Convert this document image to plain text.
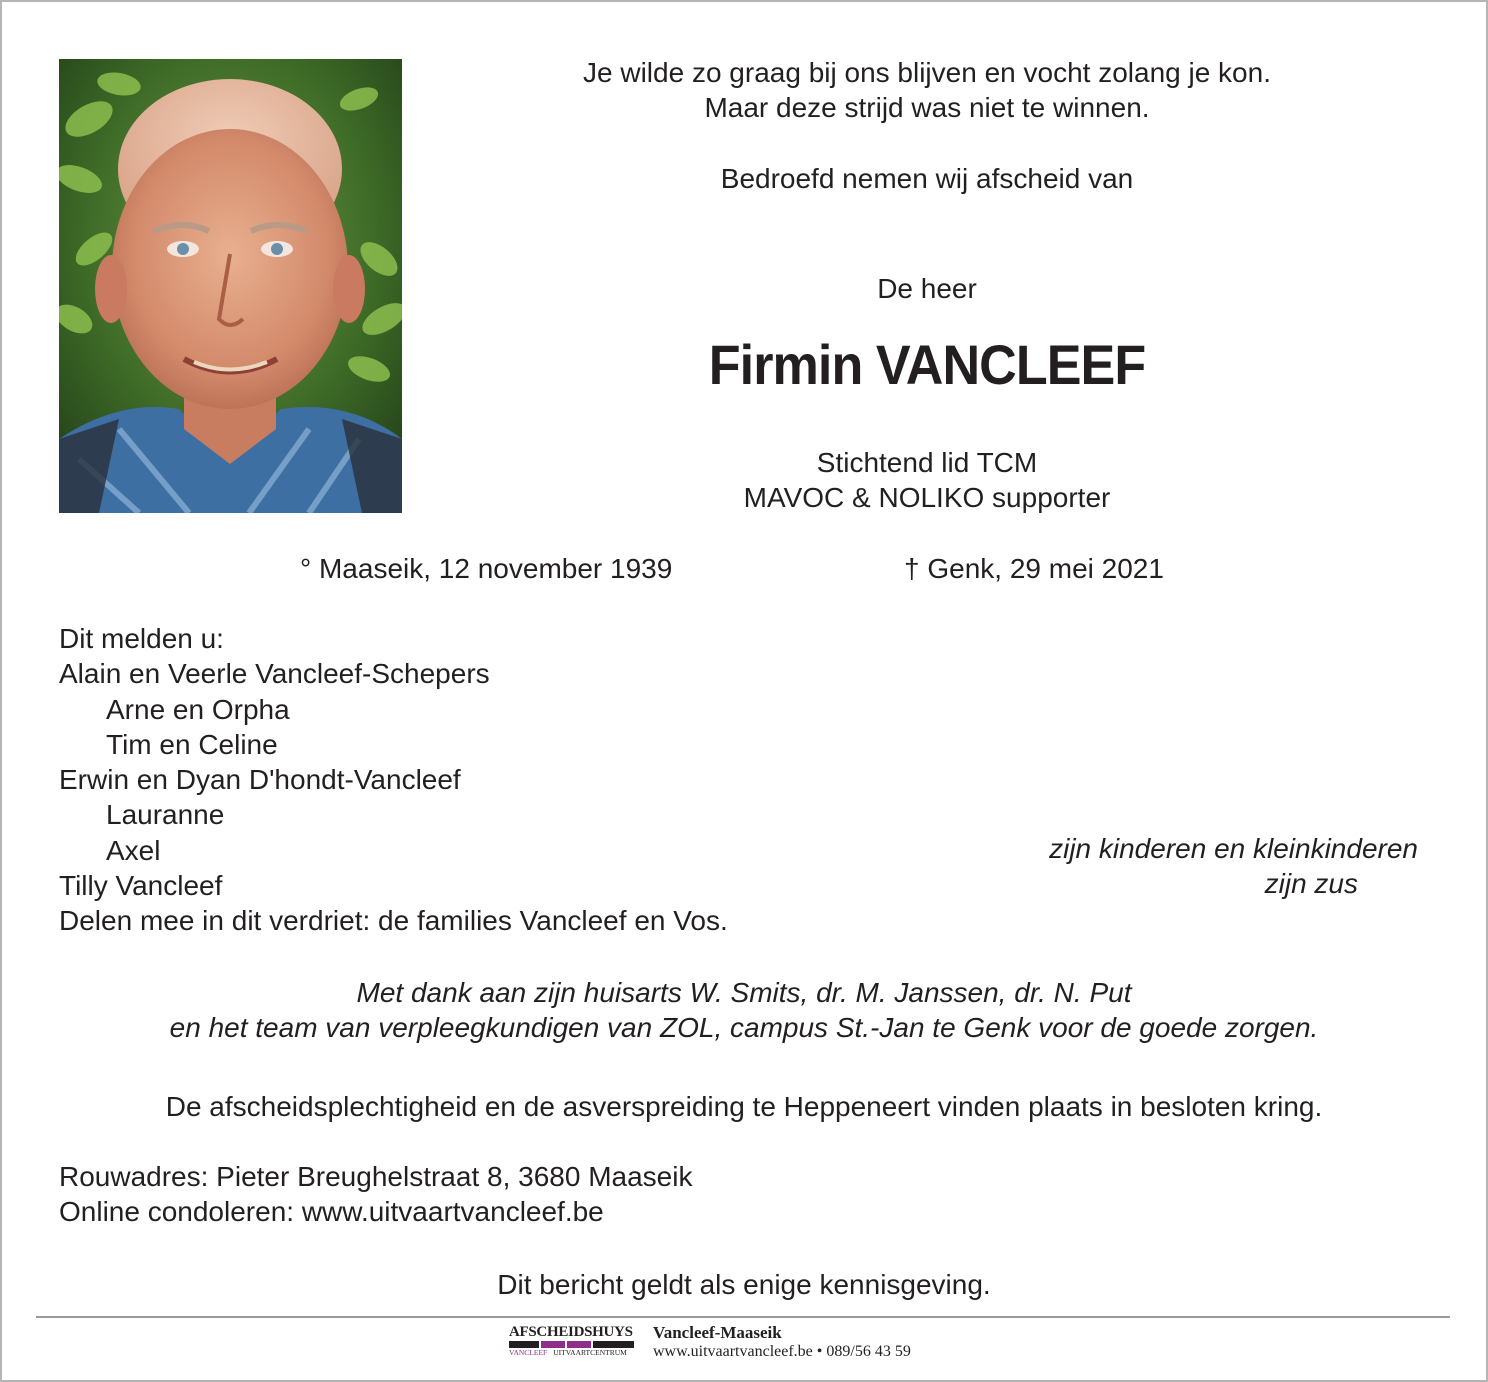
Je wilde zo graag bij ons blijven en vocht zolang je kon.
Maar deze strijd was niet te winnen.
Bedroefd nemen wij afscheid van
De heer
Firmin VANCLEEF
Stichtend lid TCM
MAVOC & NOLIKO supporter
° Maaseik, 12 november 1939	† Genk, 29 mei 2021
Dit melden u:
Alain en Veerle Vancleef-Schepers
Arne en Orpha
Tim en Celine
Erwin en Dyan D'hondt-Vancleef
Lauranne
Axel
Tilly Vancleef
Delen mee in dit verdriet: de families Vancleef en Vos.
zijn kinderen en kleinkinderen
zijn zus
Met dank aan zijn huisarts W. Smits, dr. M. Janssen, dr. N. Put
en het team van verpleegkundigen van ZOL, campus St.-Jan te Genk voor de goede zorgen.
De afscheidsplechtigheid en de asverspreiding te Heppeneert vinden plaats in besloten kring.
Rouwadres: Pieter Breughelstraat 8, 3680 Maaseik
Online condoleren: www.uitvaartvancleef.be
Dit bericht geldt als enige kennisgeving.
AFSCHEIDSHUYS
VANCLEEF UITVAARTCENTRUM
Vancleef-Maaseik
www.uitvaartvancleef.be • 089/56 43 59
